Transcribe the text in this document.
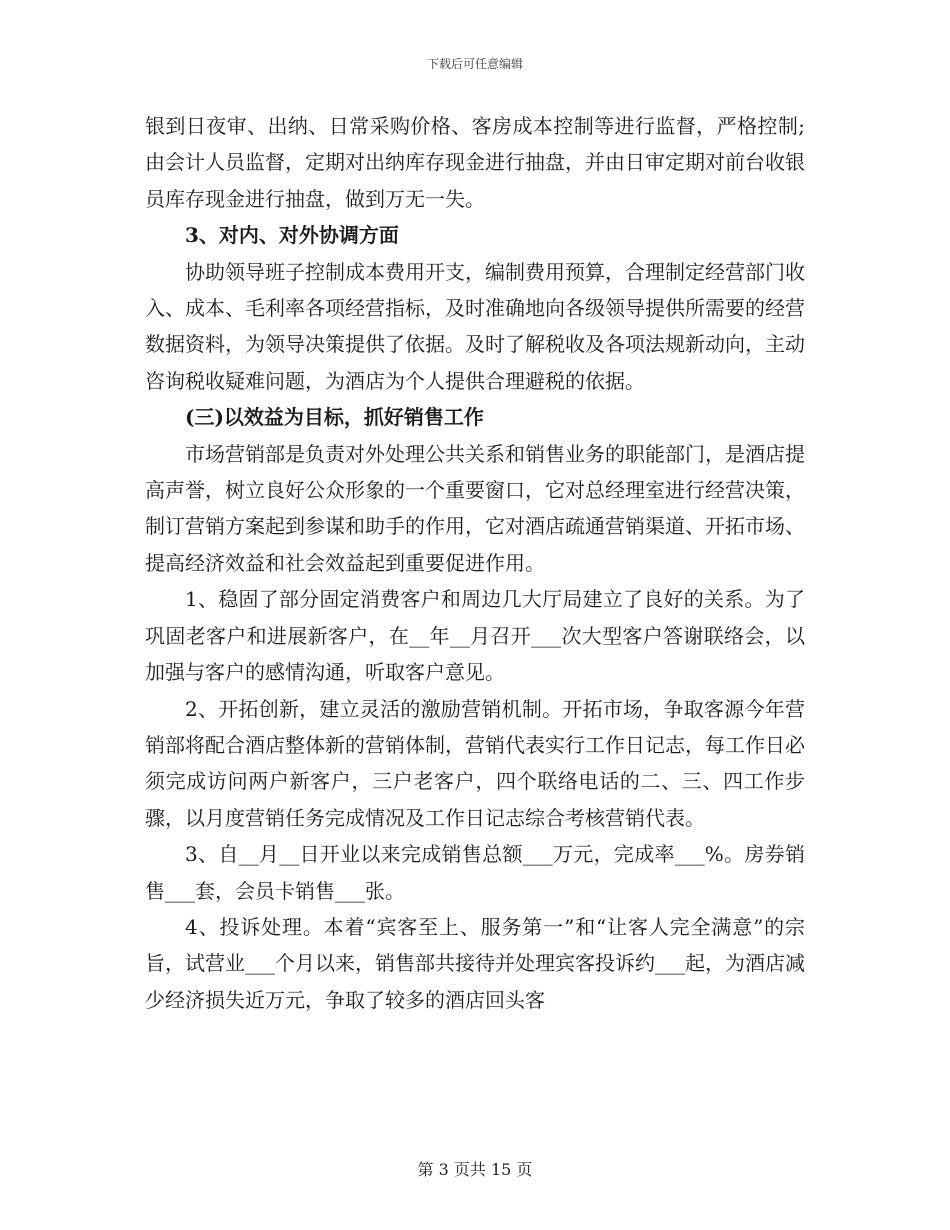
下载后可任意编辑

银到日夜审、出纳、日常采购价格、客房成本控制等进行监督，严格控制;由会计人员监督，定期对出纳库存现金进行抽盘，并由日审定期对前台收银员库存现金进行抽盘，做到万无一失。

3、对内、对外协调方面

协助领导班子控制成本费用开支，编制费用预算，合理制定经营部门收入、成本、毛利率各项经营指标，及时准确地向各级领导提供所需要的经营数据资料，为领导决策提供了依据。及时了解税收及各项法规新动向，主动咨询税收疑难问题，为酒店为个人提供合理避税的依据。

(三)以效益为目标，抓好销售工作

市场营销部是负责对外处理公共关系和销售业务的职能部门，是酒店提高声誉，树立良好公众形象的一个重要窗口，它对总经理室进行经营决策，制订营销方案起到参谋和助手的作用，它对酒店疏通营销渠道、开拓市场、提高经济效益和社会效益起到重要促进作用。

1、稳固了部分固定消费客户和周边几大厅局建立了良好的关系。为了巩固老客户和进展新客户，在__年__月召开___次大型客户答谢联络会，以加强与客户的感情沟通，听取客户意见。

2、开拓创新，建立灵活的激励营销机制。开拓市场，争取客源今年营销部将配合酒店整体新的营销体制，营销代表实行工作日记志，每工作日必须完成访问两户新客户，三户老客户，四个联络电话的二、三、四工作步骤，以月度营销任务完成情况及工作日记志综合考核营销代表。

3、自__月__日开业以来完成销售总额___万元，完成率___%。房券销售___套，会员卡销售___张。

4、投诉处理。本着“宾客至上、服务第一”和“让客人完全满意”的宗旨，试营业___个月以来，销售部共接待并处理宾客投诉约___起，为酒店减少经济损失近万元，争取了较多的酒店回头客

第 3 页共 15 页
